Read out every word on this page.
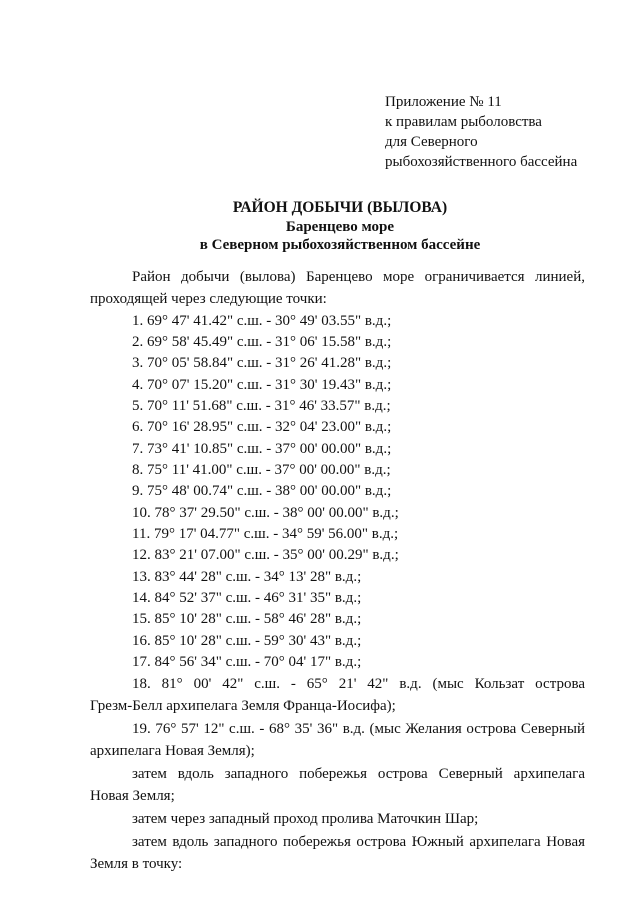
Приложение № 11
к правилам рыболовства
для Северного
рыбохозяйственного бассейна
РАЙОН ДОБЫЧИ (ВЫЛОВА)
Баренцево море
в Северном рыбохозяйственном бассейне
Район добычи (вылова) Баренцево море ограничивается линией,
проходящей через следующие точки:
1. 69° 47' 41.42" с.ш. - 30° 49' 03.55" в.д.;
2. 69° 58' 45.49" с.ш. - 31° 06' 15.58" в.д.;
3. 70° 05' 58.84" с.ш. - 31° 26' 41.28" в.д.;
4. 70° 07' 15.20" с.ш. - 31° 30' 19.43" в.д.;
5. 70° 11' 51.68" с.ш. - 31° 46' 33.57" в.д.;
6. 70° 16' 28.95" с.ш. - 32° 04' 23.00" в.д.;
7. 73° 41' 10.85" с.ш. - 37° 00' 00.00" в.д.;
8. 75° 11' 41.00" с.ш. - 37° 00' 00.00" в.д.;
9. 75° 48' 00.74" с.ш. - 38° 00' 00.00" в.д.;
10. 78° 37' 29.50" с.ш. - 38° 00' 00.00" в.д.;
11. 79° 17' 04.77" с.ш. - 34° 59' 56.00" в.д.;
12. 83° 21' 07.00" с.ш. - 35° 00' 00.29" в.д.;
13. 83° 44' 28" с.ш. - 34° 13' 28" в.д.;
14. 84° 52' 37" с.ш. - 46° 31' 35" в.д.;
15. 85° 10' 28" с.ш. - 58° 46' 28" в.д.;
16. 85° 10' 28" с.ш. - 59° 30' 43" в.д.;
17. 84° 56' 34" с.ш. - 70° 04' 17" в.д.;
18. 81° 00' 42" с.ш. - 65° 21' 42" в.д. (мыс Кользат острова
Грезм-Белл архипелага Земля Франца-Иосифа);
19. 76° 57' 12" с.ш. - 68° 35' 36" в.д. (мыс Желания острова Северный
архипелага Новая Земля);
затем вдоль западного побережья острова Северный архипелага
Новая Земля;
затем через западный проход пролива Маточкин Шар;
затем вдоль западного побережья острова Южный архипелага Новая
Земля в точку:
